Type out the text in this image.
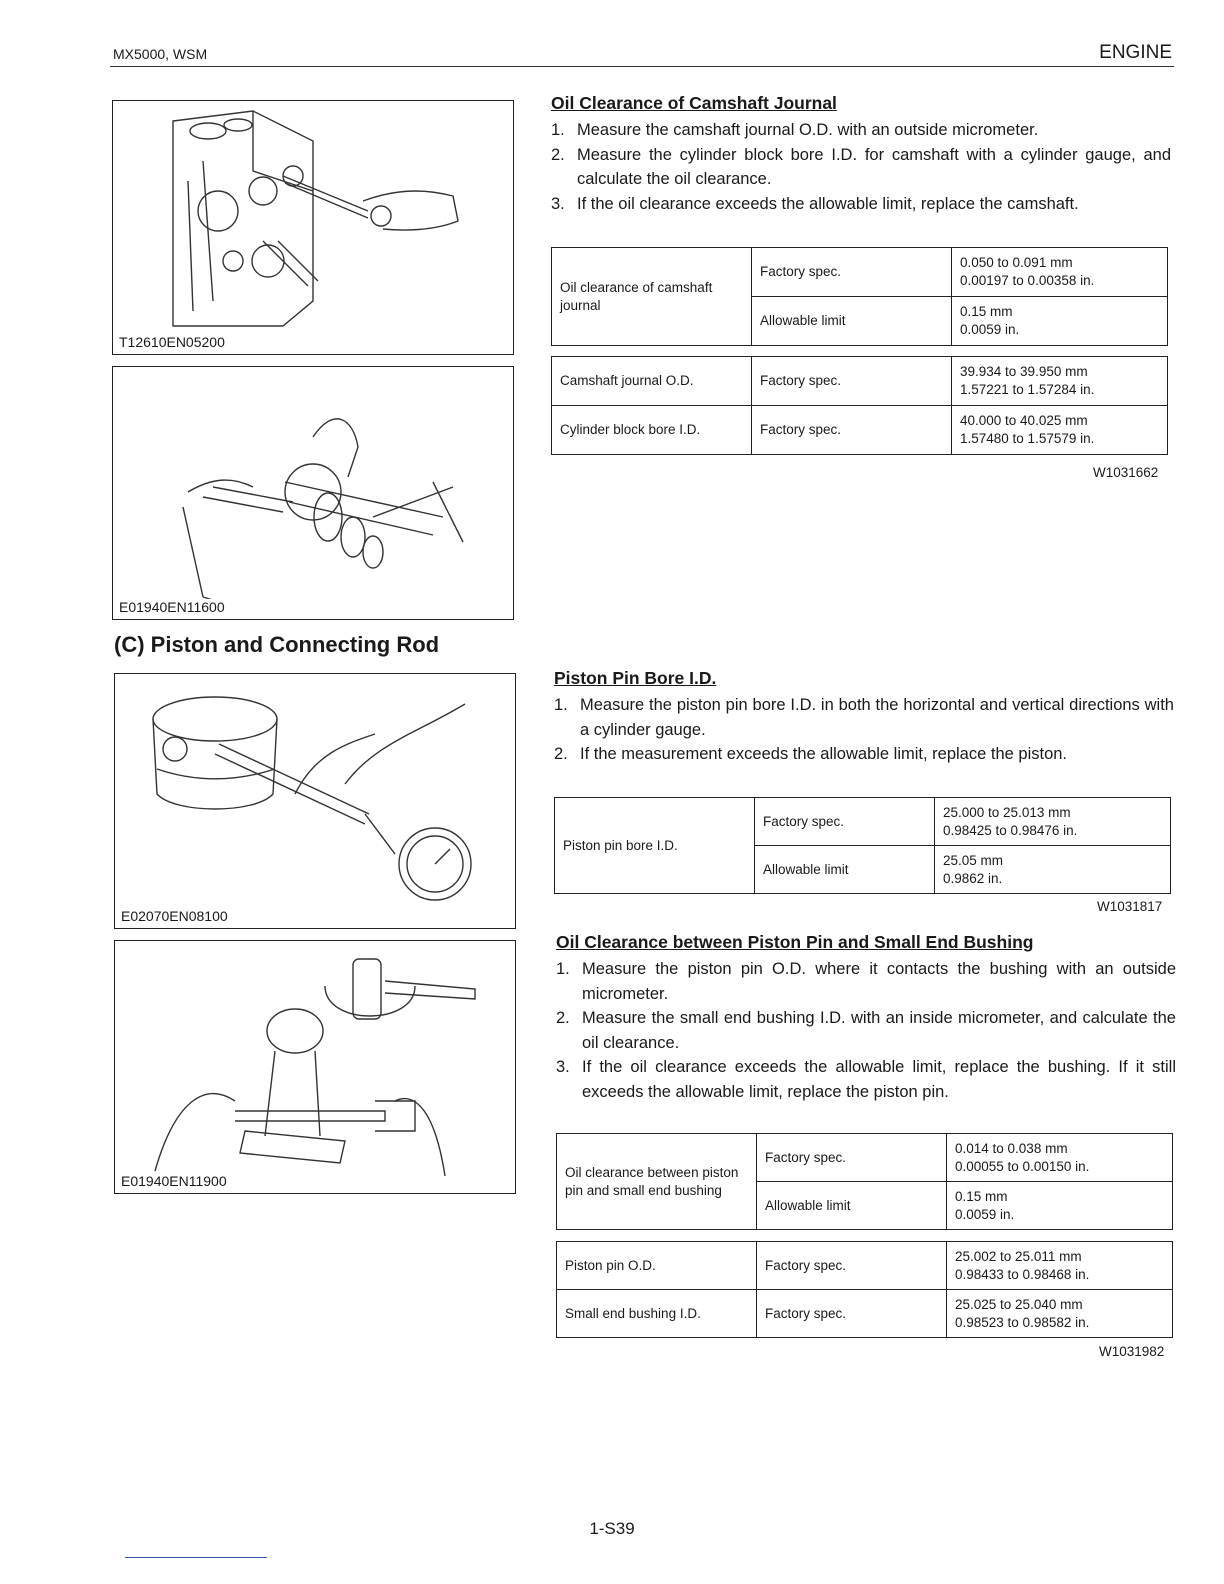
MX5000, WSM	ENGINE
T12610EN05200
E01940EN11600
(C) Piston and Connecting Rod
E02070EN08100
E01940EN11900
Oil Clearance of Camshaft Journal
1. Measure the camshaft journal O.D. with an outside micrometer.
2. Measure the cylinder block bore I.D. for camshaft with a cylinder gauge, and calculate the oil clearance.
3. If the oil clearance exceeds the allowable limit, replace the camshaft.
Oil clearance of camshaft journal	Factory spec.	0.050 to 0.091 mm
0.00197 to 0.00358 in.

	Allowable limit	0.15 mm
0.0059 in.
Camshaft journal O.D.	Factory spec.	39.934 to 39.950 mm
1.57221 to 1.57284 in.

Cylinder block bore I.D.	Factory spec.	40.000 to 40.025 mm
1.57480 to 1.57579 in.
W1031662
Piston Pin Bore I.D.
1. Measure the piston pin bore I.D. in both the horizontal and vertical directions with a cylinder gauge.
2. If the measurement exceeds the allowable limit, replace the piston.
Piston pin bore I.D.	Factory spec.	25.000 to 25.013 mm
0.98425 to 0.98476 in.

	Allowable limit	25.05 mm
0.9862 in.
W1031817
Oil Clearance between Piston Pin and Small End Bushing
1. Measure the piston pin O.D. where it contacts the bushing with an outside micrometer.
2. Measure the small end bushing I.D. with an inside micrometer, and calculate the oil clearance.
3. If the oil clearance exceeds the allowable limit, replace the bushing. If it still exceeds the allowable limit, replace the piston pin.
Oil clearance between piston pin and small end bushing	Factory spec.	0.014 to 0.038 mm
0.00055 to 0.00150 in.

	Allowable limit	0.15 mm
0.0059 in.
Piston pin O.D.	Factory spec.	25.002 to 25.011 mm
0.98433 to 0.98468 in.

Small end bushing I.D.	Factory spec.	25.025 to 25.040 mm
0.98523 to 0.98582 in.
W1031982
1-S39
